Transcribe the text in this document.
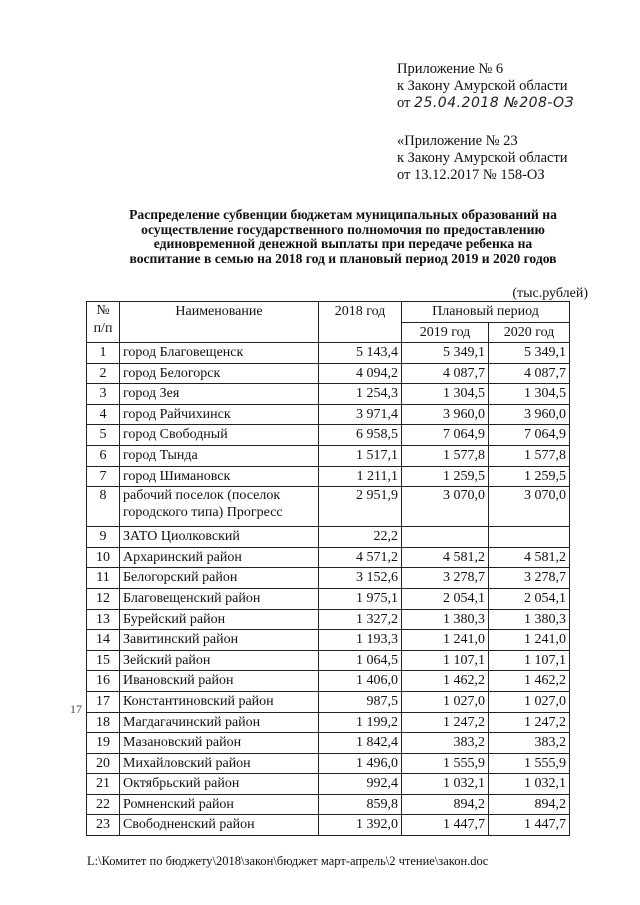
Приложение № 6
к Закону Амурской области
от 25.04.2018 №208-ОЗ
«Приложение № 23
к Закону Амурской области
от 13.12.2017 № 158-ОЗ
Распределение субвенции бюджетам муниципальных образований на
осуществление государственного полномочия по предоставлению
единовременной денежной выплаты при передаче ребенка на
воспитание в семью на 2018 год и плановый период 2019 и 2020 годов
(тыс.рублей)
№ п/п	Наименование	2018 год	Плановый период	
			2019 год	2020 год
1	город Благовещенск	5 143,4	5 349,1	5 349,1
2	город Белогорск	4 094,2	4 087,7	4 087,7
3	город Зея	1 254,3	1 304,5	1 304,5
4	город Райчихинск	3 971,4	3 960,0	3 960,0
5	город Свободный	6 958,5	7 064,9	7 064,9
6	город Тында	1 517,1	1 577,8	1 577,8
7	город Шимановск	1 211,1	1 259,5	1 259,5
8	рабочий поселок (поселок городского типа) Прогресс	2 951,9	3 070,0	3 070,0
9	ЗАТО Циолковский	22,2		
10	Архаринский район	4 571,2	4 581,2	4 581,2
11	Белогорский район	3 152,6	3 278,7	3 278,7
12	Благовещенский район	1 975,1	2 054,1	2 054,1
13	Бурейский район	1 327,2	1 380,3	1 380,3
14	Завитинский район	1 193,3	1 241,0	1 241,0
15	Зейский район	1 064,5	1 107,1	1 107,1
16	Ивановский район	1 406,0	1 462,2	1 462,2
17	Константиновский район	987,5	1 027,0	1 027,0
18	Магдагачинский район	1 199,2	1 247,2	1 247,2
19	Мазановский район	1 842,4	383,2	383,2
20	Михайловский район	1 496,0	1 555,9	1 555,9
21	Октябрьский район	992,4	1 032,1	1 032,1
22	Ромненский район	859,8	894,2	894,2
23	Свободненский район	1 392,0	1 447,7	1 447,7
17
L:\Комитет по бюджету\2018\закон\бюджет март-апрель\2 чтение\закон.doc
